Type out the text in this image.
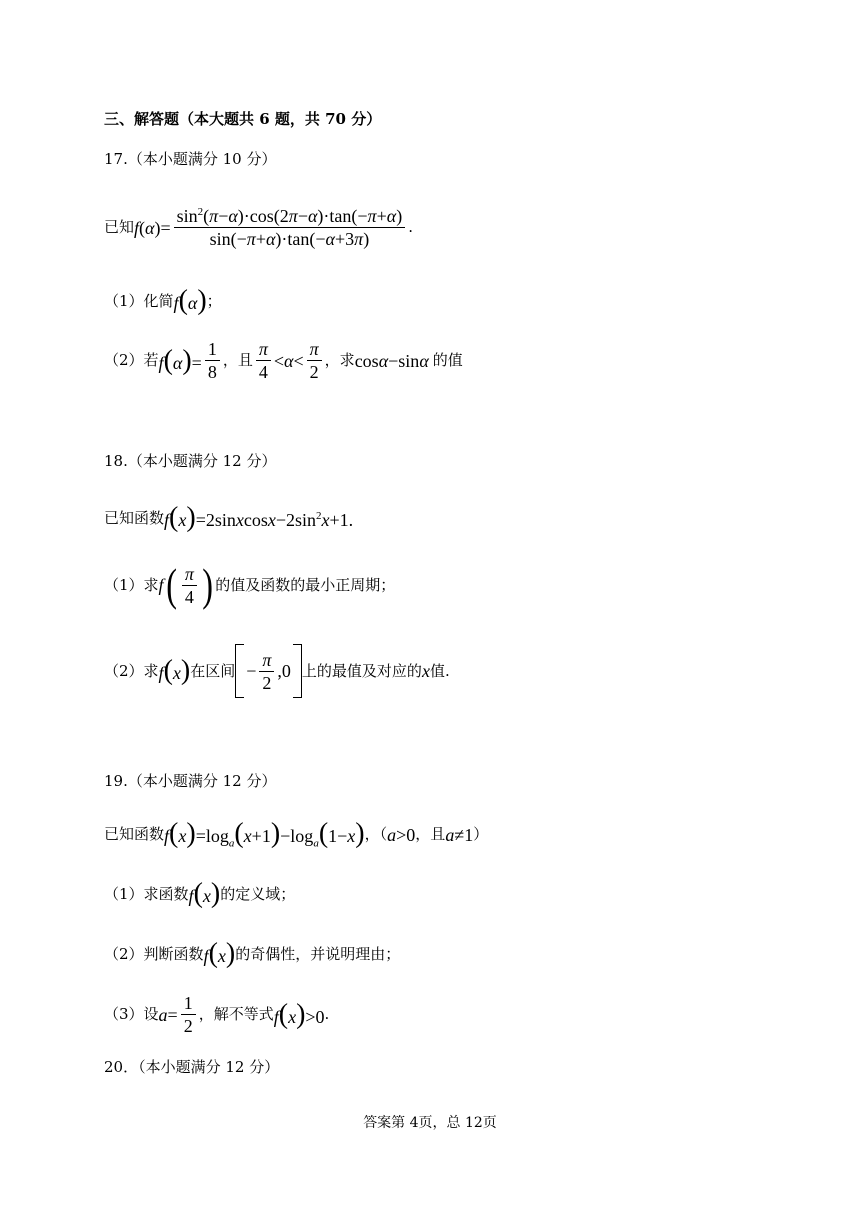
三、解答题（本大题共 6 题，共 70 分）
17.（本小题满分 10 分）
已知 $f(\alpha)= \frac{\sin^2(\pi-\alpha)\cdot\cos(2\pi-\alpha)\cdot\tan(-\pi+\alpha)}{\sin(-\pi+\alpha)\cdot\tan(-\alpha+3\pi)}$ .
（1）化简 f(α) ；
（2）若 $f(\alpha)= \frac{1}{8}$ ，且 $\frac{\pi}{4} <\alpha< \frac{\pi}{2}$ ，求 cosα−sinα 的值
18.（本小题满分 12 分）
已知函数 $f(x)=2sinxcosx-2\sin^2x+1$.
（1）求 f ( $\frac{\pi}{4}$ ) 的值及函数的最小正周期；
（2）求 f(x) 在区间 − $\frac{\pi}{2} ,0$ 上的最值及对应的 x 值.
19.（本小题满分 12 分）
已知函数 $f(x)=\log_a(x+1)-\log_a(1-x)$ ，（ a>0 ，且 a≠1 ）
（1）求函数 f(x) 的定义域；
（2）判断函数 f(x) 的奇偶性，并说明理由；
（3）设 $a= \frac{1}{2}$ ，解不等式 f(x)>0 .
20．（本小题满分 12 分）
答案第 4页，总 12页
